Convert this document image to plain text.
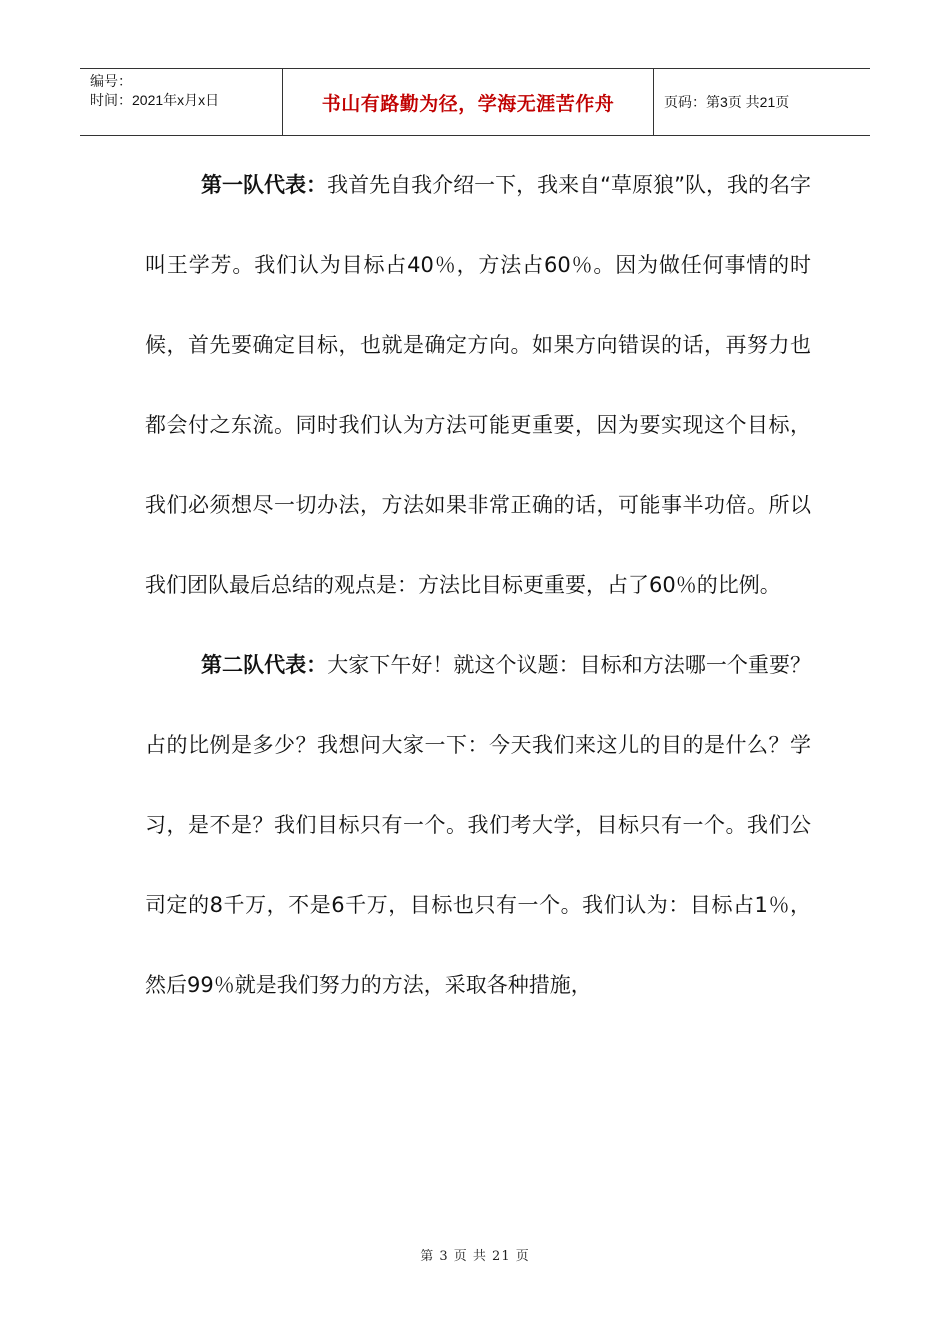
编号：
时间：2021年x月x日	书山有路勤为径，学海无涯苦作舟	页码：第3页 共21页

第一队代表：我首先自我介绍一下，我来自“草原狼”队，我的名字叫王学芳。我们认为目标占40％，方法占60％。因为做任何事情的时候，首先要确定目标，也就是确定方向。如果方向错误的话，再努力也都会付之东流。同时我们认为方法可能更重要，因为要实现这个目标，我们必须想尽一切办法，方法如果非常正确的话，可能事半功倍。所以我们团队最后总结的观点是：方法比目标更重要，占了60％的比例。

第二队代表：大家下午好！就这个议题：目标和方法哪一个重要？占的比例是多少？我想问大家一下：今天我们来这儿的目的是什么？学习，是不是？我们目标只有一个。我们考大学，目标只有一个。我们公司定的8千万，不是6千万，目标也只有一个。我们认为：目标占1％，然后99％就是我们努力的方法，采取各种措施，

第 3 页 共 21 页
